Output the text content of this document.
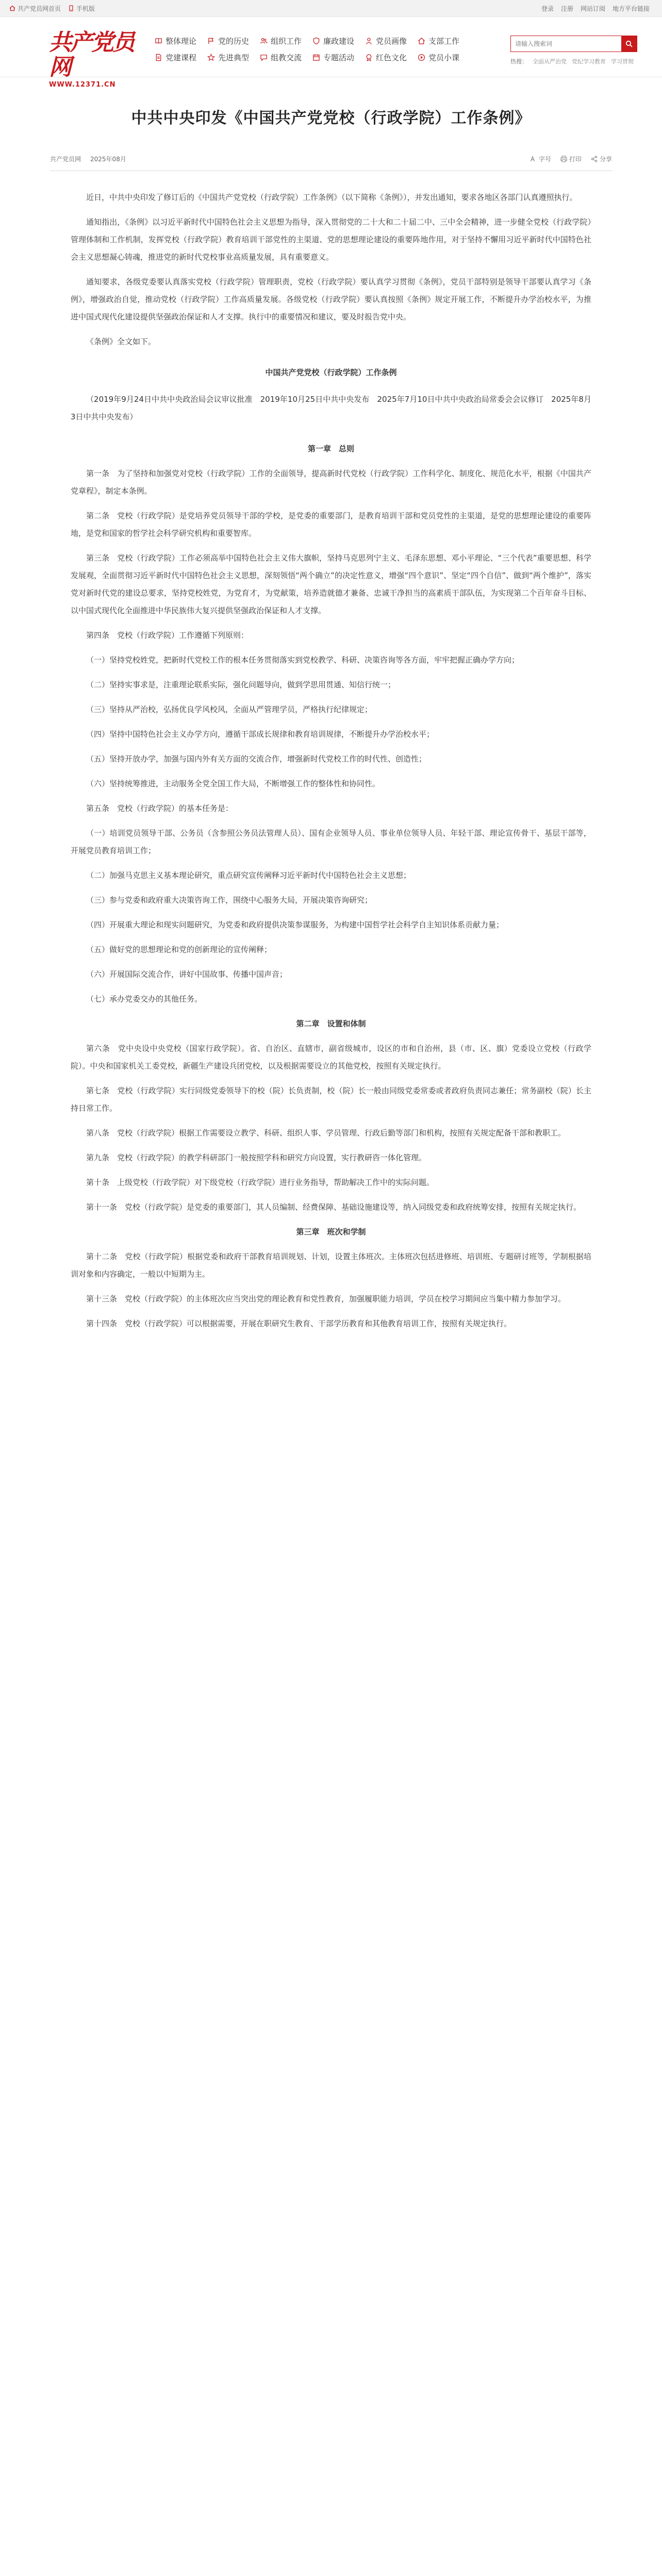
共产党员网首页	手机版	登录 注册 网站订阅 地方平台链接
共产党员网
WWW.12371.CN
整体理论	党的历史	组织工作	廉政建设	党员画像	支部工作
党建课程	先进典型	组教交流	专题活动	红色文化	党员小课
请输入搜索词	热搜： 全面从严治党 党纪学习教育 学习贯彻
中共中央印发《中国共产党党校（行政学院）工作条例》
共产党员网 2025年08月	字号	打印	分享

近日，中共中央印发了修订后的《中国共产党党校（行政学院）工作条例》（以下简称《条例》），并发出通知，要求各地区各部门认真遵照执行。

通知指出，《条例》以习近平新时代中国特色社会主义思想为指导，深入贯彻党的二十大和二十届二中、三中全会精神，进一步健全党校（行政学院）管理体制和工作机制，发挥党校（行政学院）教育培训干部党性的主渠道、党的思想理论建设的重要阵地作用，对于坚持不懈用习近平新时代中国特色社会主义思想凝心铸魂，推进党的新时代党校事业高质量发展，具有重要意义。

通知要求，各级党委要认真落实党校（行政学院）管理职责，党校（行政学院）要认真学习贯彻《条例》，党员干部特别是领导干部要认真学习《条例》，增强政治自觉，推动党校（行政学院）工作高质量发展。各级党校（行政学院）要认真按照《条例》规定开展工作，不断提升办学治校水平，为推进中国式现代化建设提供坚强政治保证和人才支撑。执行中的重要情况和建议，要及时报告党中央。

《条例》全文如下。

中国共产党党校（行政学院）工作条例

（2019年9月24日中共中央政治局会议审议批准　2019年10月25日中共中央发布　2025年7月10日中共中央政治局常委会会议修订　2025年8月3日中共中央发布）

第一章　总则

第一条　为了坚持和加强党对党校（行政学院）工作的全面领导，提高新时代党校（行政学院）工作科学化、制度化、规范化水平，根据《中国共产党章程》，制定本条例。

第二条　党校（行政学院）是党培养党员领导干部的学校，是党委的重要部门，是教育培训干部和党员党性的主渠道，是党的思想理论建设的重要阵地，是党和国家的哲学社会科学研究机构和重要智库。

第三条　党校（行政学院）工作必须高举中国特色社会主义伟大旗帜，坚持马克思列宁主义、毛泽东思想、邓小平理论、“三个代表”重要思想、科学发展观，全面贯彻习近平新时代中国特色社会主义思想，深刻领悟“两个确立”的决定性意义，增强“四个意识”、坚定“四个自信”、做到“两个维护”，落实党对新时代党的建设总要求，坚持党校姓党，为党育才，为党献策，培养造就德才兼备、忠诚干净担当的高素质干部队伍，为实现第二个百年奋斗目标、以中国式现代化全面推进中华民族伟大复兴提供坚强政治保证和人才支撑。

第四条　党校（行政学院）工作遵循下列原则：

（一）坚持党校姓党，把新时代党校工作的根本任务贯彻落实到党校教学、科研、决策咨询等各方面，牢牢把握正确办学方向；

（二）坚持实事求是，注重理论联系实际，强化问题导向，做到学思用贯通、知信行统一；

（三）坚持从严治校，弘扬优良学风校风，全面从严管理学员，严格执行纪律规定；

（四）坚持中国特色社会主义办学方向，遵循干部成长规律和教育培训规律，不断提升办学治校水平；

（五）坚持开放办学，加强与国内外有关方面的交流合作，增强新时代党校工作的时代性、创造性；

（六）坚持统筹推进，主动服务全党全国工作大局，不断增强工作的整体性和协同性。

第五条　党校（行政学院）的基本任务是：

（一）培训党员领导干部、公务员（含参照公务员法管理人员）、国有企业领导人员、事业单位领导人员、年轻干部、理论宣传骨干、基层干部等，开展党员教育培训工作；

（二）加强马克思主义基本理论研究，重点研究宣传阐释习近平新时代中国特色社会主义思想；

（三）参与党委和政府重大决策咨询工作，围绕中心服务大局，开展决策咨询研究；

（四）开展重大理论和现实问题研究，为党委和政府提供决策参谋服务，为构建中国哲学社会科学自主知识体系贡献力量；

（五）做好党的思想理论和党的创新理论的宣传阐释；

（六）开展国际交流合作，讲好中国故事、传播中国声音；

（七）承办党委交办的其他任务。

第二章　设置和体制

第六条　党中央设中央党校（国家行政学院）。省、自治区、直辖市，副省级城市，设区的市和自治州，县（市、区、旗）党委设立党校（行政学院）。中央和国家机关工委党校，新疆生产建设兵团党校，以及根据需要设立的其他党校，按照有关规定执行。

第七条　党校（行政学院）实行同级党委领导下的校（院）长负责制，校（院）长一般由同级党委常委或者政府负责同志兼任；常务副校（院）长主持日常工作。

第八条　党校（行政学院）根据工作需要设立教学、科研、组织人事、学员管理、行政后勤等部门和机构，按照有关规定配备干部和教职工。

第九条　党校（行政学院）的教学科研部门一般按照学科和研究方向设置，实行教研咨一体化管理。

第十条　上级党校（行政学院）对下级党校（行政学院）进行业务指导，帮助解决工作中的实际问题。

第十一条　党校（行政学院）是党委的重要部门，其人员编制、经费保障、基础设施建设等，纳入同级党委和政府统筹安排，按照有关规定执行。

第三章　班次和学制

第十二条　党校（行政学院）根据党委和政府干部教育培训规划、计划，设置主体班次。主体班次包括进修班、培训班、专题研讨班等，学制根据培训对象和内容确定，一般以中短期为主。

第十三条　党校（行政学院）的主体班次应当突出党的理论教育和党性教育，加强履职能力培训，学员在校学习期间应当集中精力参加学习。

第十四条　党校（行政学院）可以根据需要，开展在职研究生教育、干部学历教育和其他教育培训工作，按照有关规定执行。
